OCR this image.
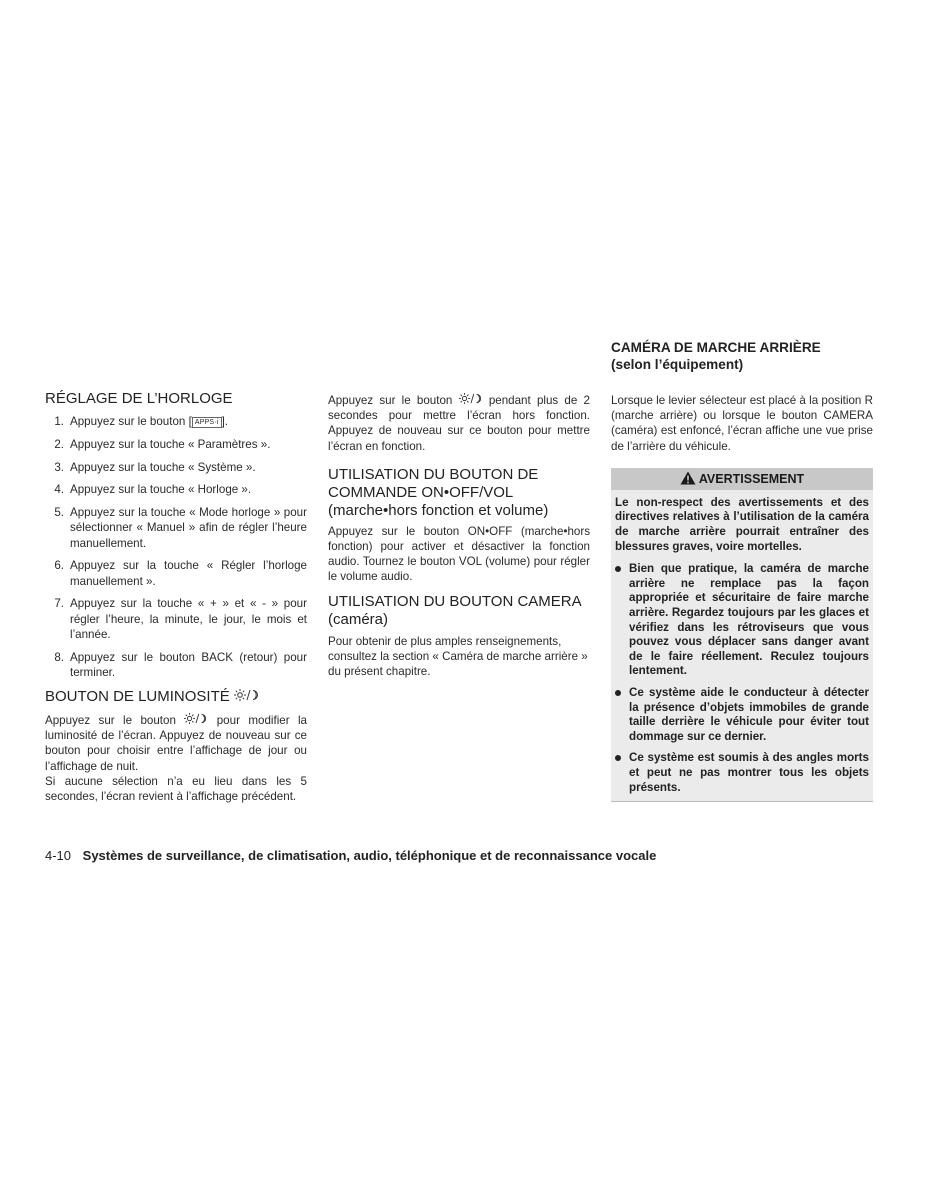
RÉGLAGE DE L’HORLOGE
1. Appuyez sur le bouton [ APPS·i ].
2. Appuyez sur la touche « Paramètres ».
3. Appuyez sur la touche « Système ».
4. Appuyez sur la touche « Horloge ».
5. Appuyez sur la touche « Mode horloge » pour sélectionner « Manuel » afin de régler l’heure manuellement.
6. Appuyez sur la touche « Régler l’horloge manuellement ».
7. Appuyez sur la touche « + » et « - » pour régler l’heure, la minute, le jour, le mois et l’année.
8. Appuyez sur le bouton BACK (retour) pour terminer.
BOUTON DE LUMINOSITÉ

Appuyez sur le bouton	pour modifier la luminosité de l’écran. Appuyez de nouveau sur ce bouton pour choisir entre l’affichage de jour ou l’affichage de nuit.

Si aucune sélection n’a eu lieu dans les 5 secondes, l’écran revient à l’affichage précédent.

Appuyez sur le bouton	pendant plus de 2 secondes pour mettre l’écran hors fonction. Appuyez de nouveau sur ce bouton pour mettre l’écran en fonction.

UTILISATION DU BOUTON DE
COMMANDE ON•OFF/VOL
(marche•hors fonction et volume)

Appuyez sur le bouton ON•OFF (marche•hors fonction) pour activer et désactiver la fonction audio. Tournez le bouton VOL (volume) pour régler le volume audio.

UTILISATION DU BOUTON CAMERA
(caméra)

Pour obtenir de plus amples renseignements, consultez la section « Caméra de marche arrière » du présent chapitre.

CAMÉRA DE MARCHE ARRIÈRE
(selon l’équipement)

Lorsque le levier sélecteur est placé à la position R (marche arrière) ou lorsque le bouton CAMERA (caméra) est enfoncé, l’écran affiche une vue prise de l’arrière du véhicule.

AVERTISSEMENT

Le non-respect des avertissements et des directives relatives à l’utilisation de la caméra de marche arrière pourrait entraîner des blessures graves, voire mortelles.

Bien que pratique, la caméra de marche arrière ne remplace pas la façon appropriée et sécuritaire de faire marche arrière. Regardez toujours par les glaces et vérifiez dans les rétroviseurs que vous pouvez vous déplacer sans danger avant de le faire réellement. Reculez toujours lentement.
Ce système aide le conducteur à détecter la présence d’objets immobiles de grande taille derrière le véhicule pour éviter tout dommage sur ce dernier.
Ce système est soumis à des angles morts et peut ne pas montrer tous les objets présents.
4-10 Systèmes de surveillance, de climatisation, audio, téléphonique et de reconnaissance vocale
